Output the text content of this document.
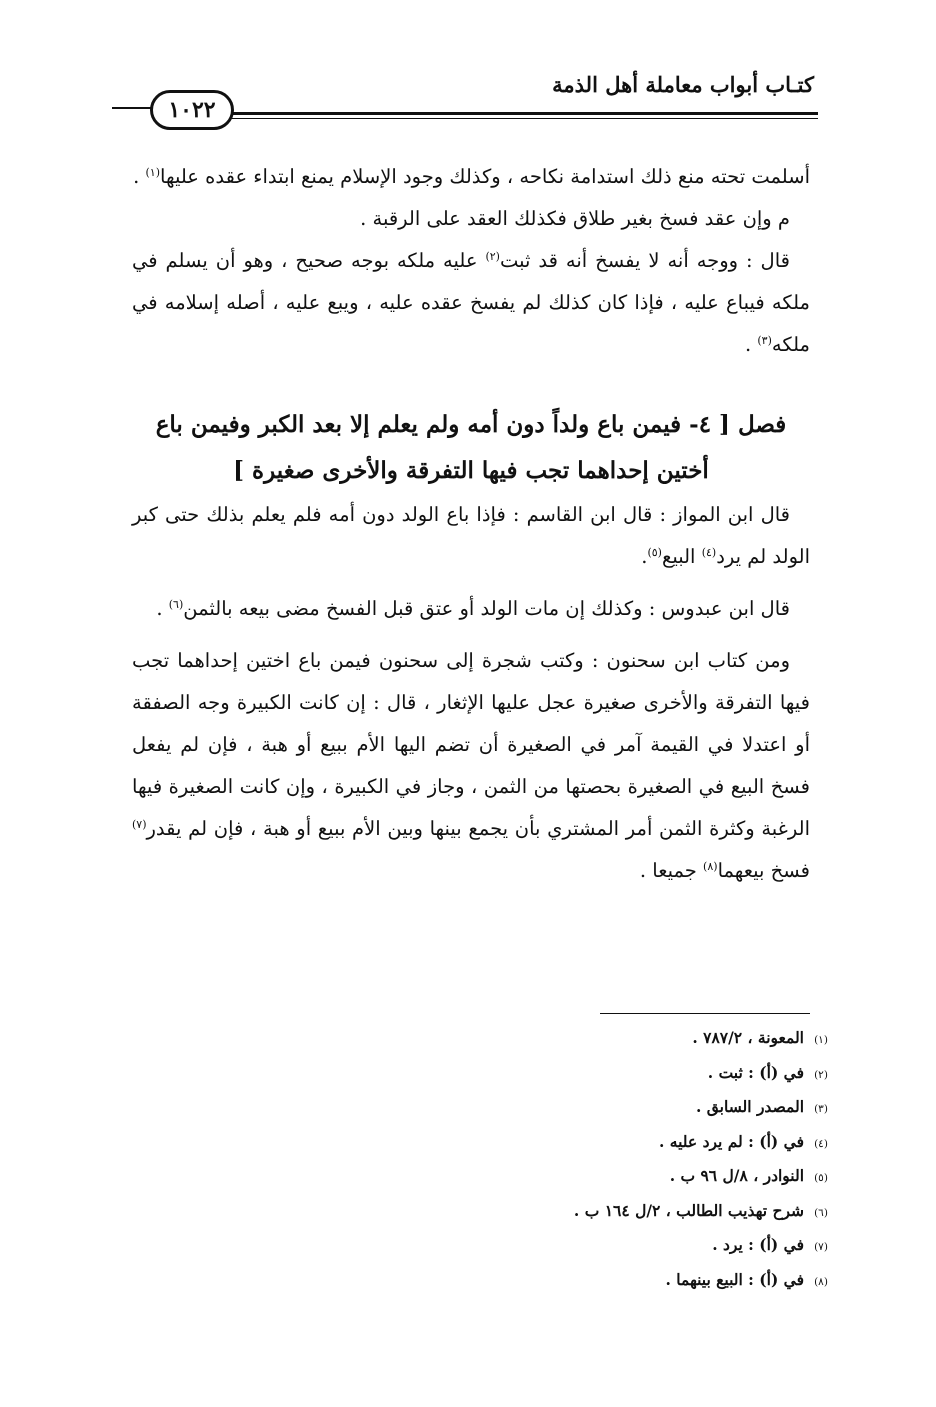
كتـاب أبواب معاملة أهل الذمة
١٠٢٢

أسلمت تحته منع ذلك استدامة نكاحه ، وكذلك وجود الإسلام يمنع ابتداء عقده عليها$^{(١)}$ .

م وإن عقد فسخ بغير طلاق فكذلك العقد على الرقبة .

قال : ووجه أنه لا يفسخ أنه قد ثبت$^{(٢)}$ عليه ملكه بوجه صحيح ، وهو أن يسلم في ملكه فيباع عليه ، فإذا كان كذلك لم يفسخ عقده عليه ، ويبع عليه ، أصله إسلامه في ملكه$^{(٣)}$ .

فصل [ ٤- فيمن باع ولداً دون أمه ولم يعلم إلا بعد الكبر وفيمن باع أختين إحداهما تجب فيها التفرقة والأخرى صغيرة ]

قال ابن المواز : قال ابن القاسم : فإذا باع الولد دون أمه فلم يعلم بذلك حتى كبر الولد لم يرد$^{(٤)}$ البيع$^{(٥)}$.

قال ابن عبدوس : وكذلك إن مات الولد أو عتق قبل الفسخ مضى بيعه بالثمن$^{(٦)}$ .

ومن كتاب ابن سحنون : وكتب شجرة إلى سحنون فيمن باع اختين إحداهما تجب فيها التفرقة والأخرى صغيرة عجل عليها الإثغار ، قال : إن كانت الكبيرة وجه الصفقة أو اعتدلا في القيمة آمر في الصغيرة أن تضم اليها الأم ببيع أو هبة ، فإن لم يفعل فسخ البيع في الصغيرة بحصتها من الثمن ، وجاز في الكبيرة ، وإن كانت الصغيرة فيها الرغبة وكثرة الثمن أمر المشتري بأن يجمع بينها وبين الأم ببيع أو هبة ، فإن لم يقدر$^{(٧)}$ فسخ بيعهما$^{(٨)}$ جميعا .

(١)
المعونة ، ٧٨٧/٢ .
(٢)
في (أ) : ثبت .
(٣)
المصدر السابق .
(٤)
في (أ) : لم يرد عليه .
(٥)
النوادر ، ٨/ل ٩٦ ب .
(٦)
شرح تهذيب الطالب ، ٢/ل ١٦٤ ب .
(٧)
في (أ) : يرد .
(٨)
في (أ) : البيع بينهما .
